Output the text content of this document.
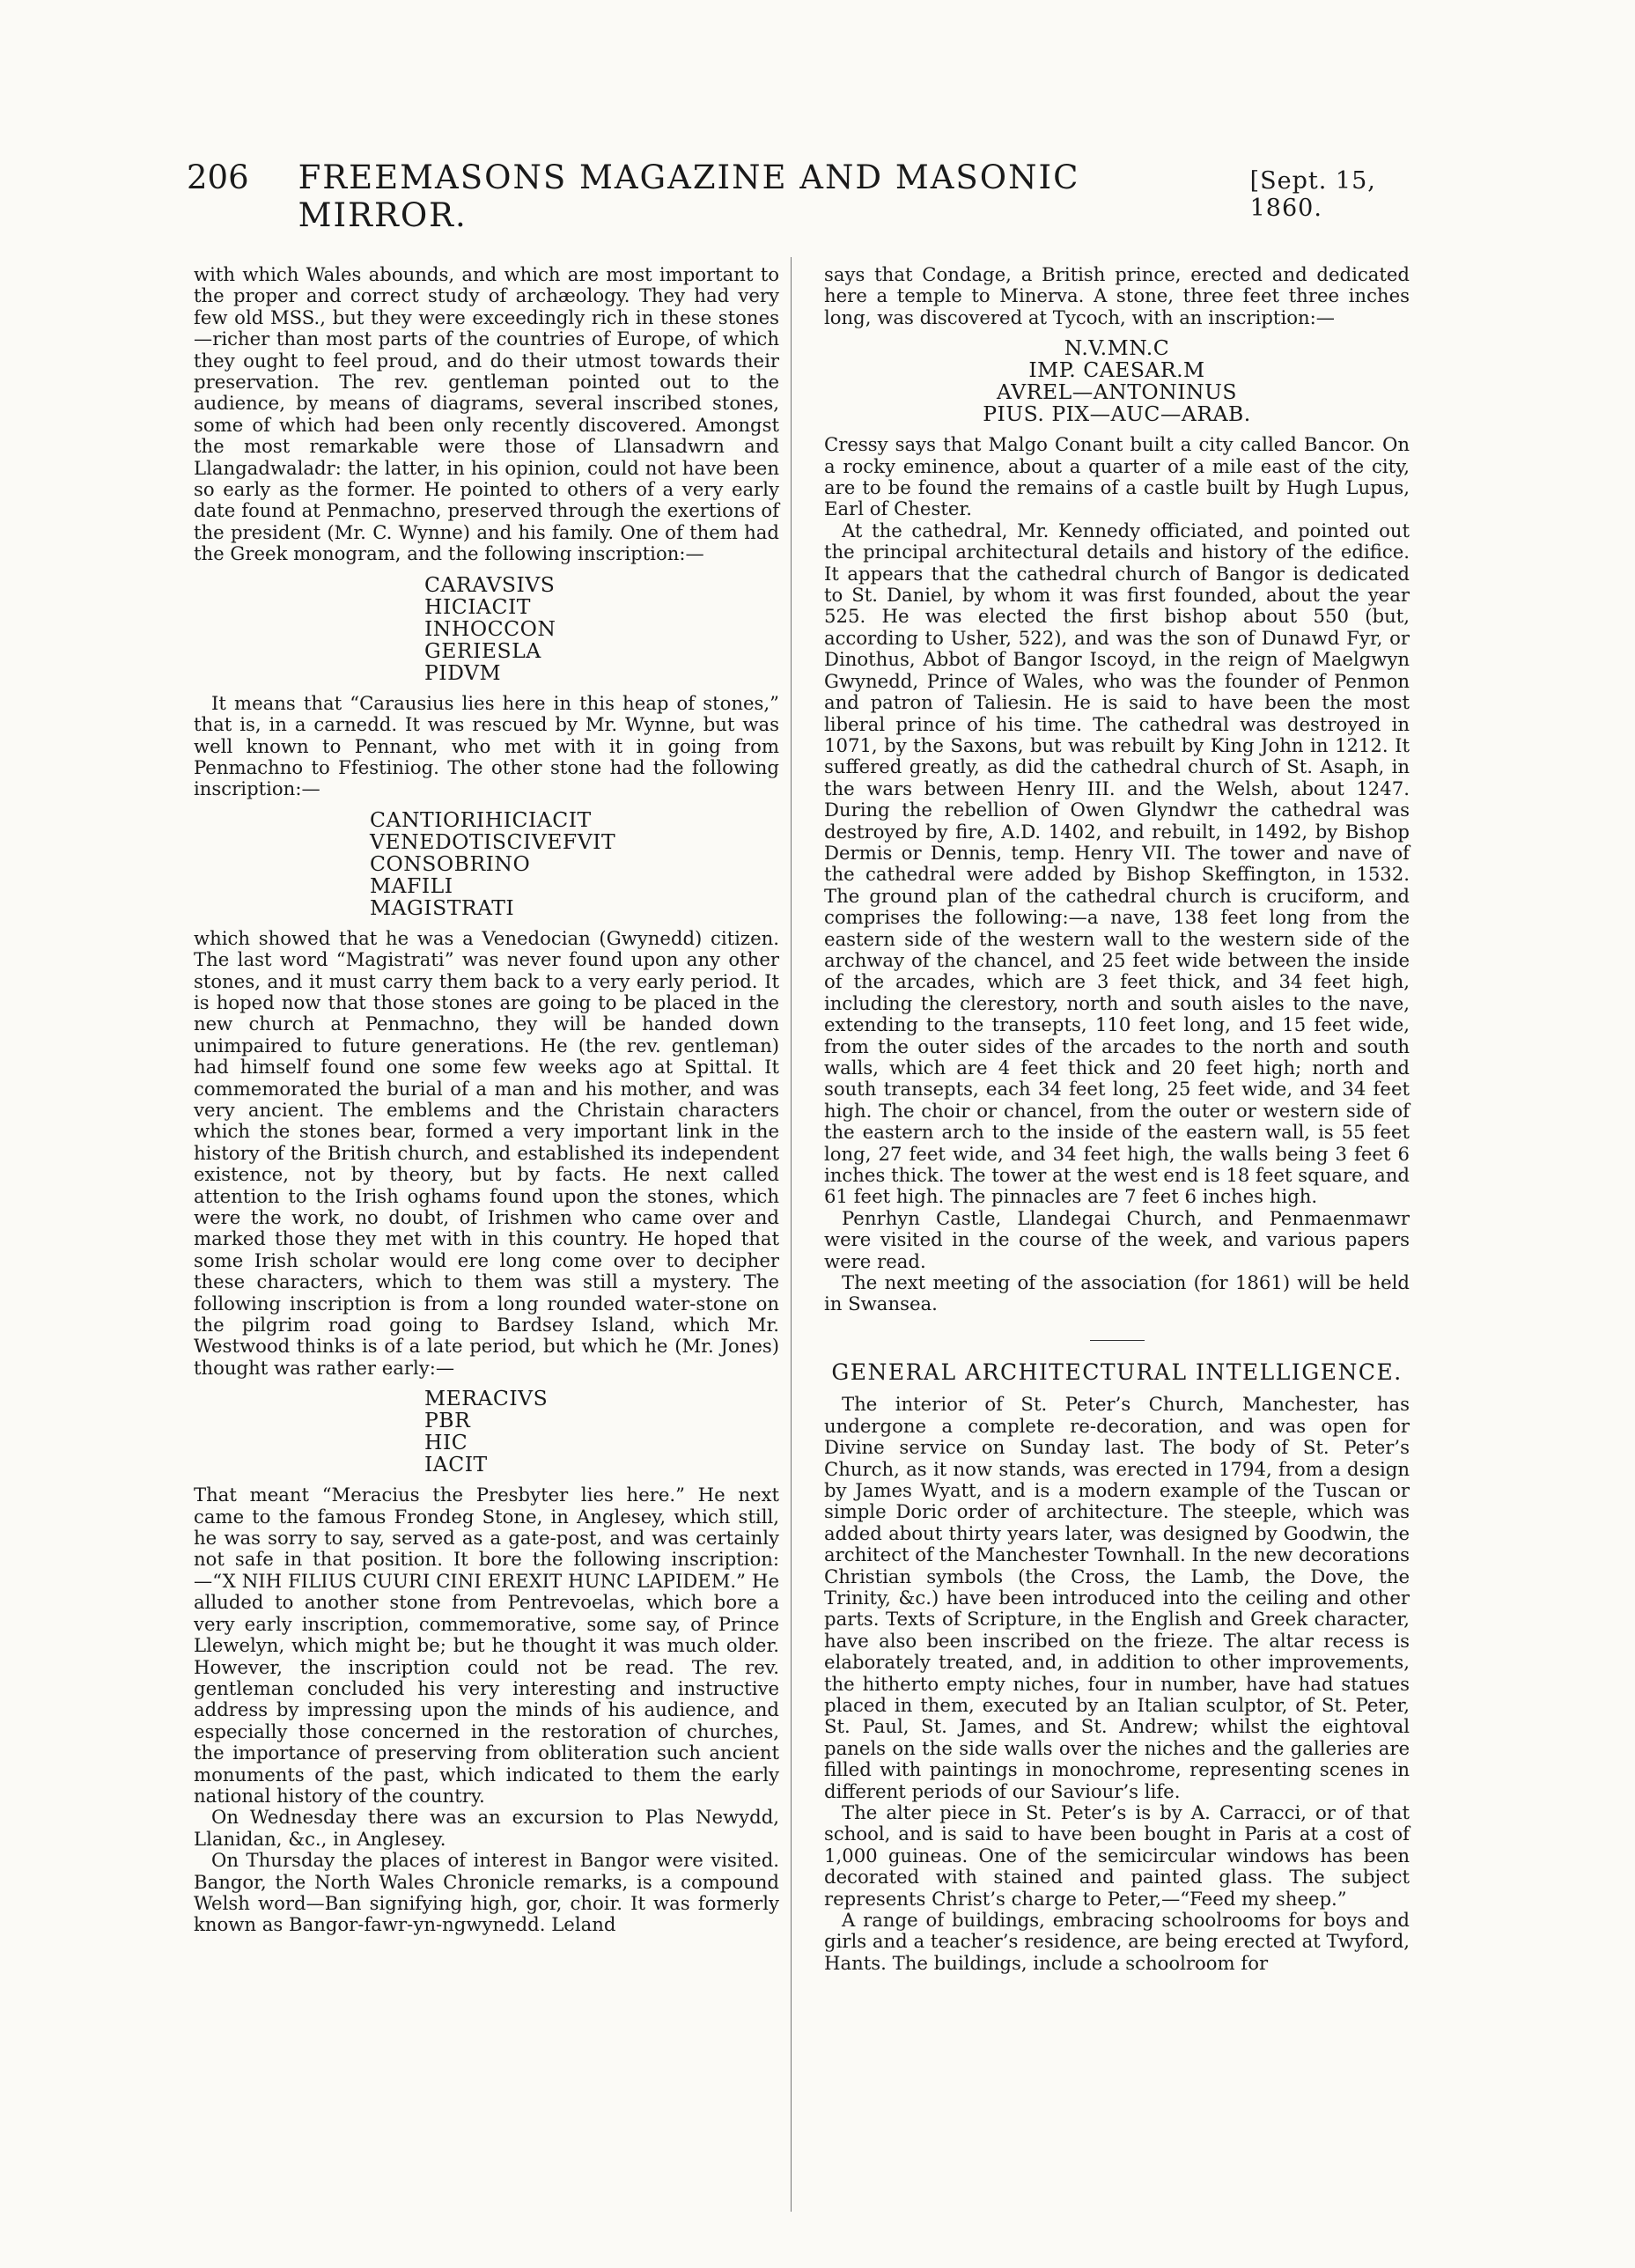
206 FREEMASONS MAGAZINE AND MASONIC MIRROR.
[Sept. 15, 1860.

with which Wales abounds, and which are most important to the proper and correct study of archæology. They had very few old MSS., but they were exceedingly rich in these stones—richer than most parts of the countries of Europe, of which they ought to feel proud, and do their utmost towards their preservation. The rev. gentleman pointed out to the audience, by means of diagrams, several inscribed stones, some of which had been only recently discovered. Amongst the most remarkable were those of Llansadwrn and Llangadwaladr: the latter, in his opinion, could not have been so early as the former. He pointed to others of a very early date found at Penmachno, preserved through the exertions of the president (Mr. C. Wynne) and his family. One of them had the Greek monogram, and the following inscription:—

CARAVSIVS
HICIACIT
INHOCCON
GERIESLA
PIDVM

It means that “Carausius lies here in this heap of stones,” that is, in a carnedd. It was rescued by Mr. Wynne, but was well known to Pennant, who met with it in going from Penmachno to Ffestiniog. The other stone had the following inscription:—

CANTIORIHICIACIT
VENEDOTISCIVEFVIT
CONSOBRINO
MAFILI
MAGISTRATI

which showed that he was a Venedocian (Gwynedd) citizen. The last word “Magistrati” was never found upon any other stones, and it must carry them back to a very early period. It is hoped now that those stones are going to be placed in the new church at Penmachno, they will be handed down unimpaired to future generations. He (the rev. gentleman) had himself found one some few weeks ago at Spittal. It commemorated the burial of a man and his mother, and was very ancient. The emblems and the Christain characters which the stones bear, formed a very important link in the history of the British church, and established its independent existence, not by theory, but by facts. He next called attention to the Irish oghams found upon the stones, which were the work, no doubt, of Irishmen who came over and marked those they met with in this country. He hoped that some Irish scholar would ere long come over to decipher these characters, which to them was still a mystery. The following inscription is from a long rounded water-stone on the pilgrim road going to Bardsey Island, which Mr. Westwood thinks is of a late period, but which he (Mr. Jones) thought was rather early:—

MERACIVS
PBR
HIC
IACIT

That meant “Meracius the Presbyter lies here.” He next came to the famous Frondeg Stone, in Anglesey, which still, he was sorry to say, served as a gate-post, and was certainly not safe in that position. It bore the following inscription:—“X NIH FILIUS CUURI CINI EREXIT HUNC LAPIDEM.” He alluded to another stone from Pentrevoelas, which bore a very early inscription, commemorative, some say, of Prince Llewelyn, which might be; but he thought it was much older. However, the inscription could not be read. The rev. gentleman concluded his very interesting and instructive address by impressing upon the minds of his audience, and especially those concerned in the restoration of churches, the importance of preserving from obliteration such ancient monuments of the past, which indicated to them the early national history of the country.

On Wednesday there was an excursion to Plas Newydd, Llanidan, &c., in Anglesey.

On Thursday the places of interest in Bangor were visited. Bangor, the North Wales Chronicle remarks, is a compound Welsh word—Ban signifying high, gor, choir. It was formerly known as Bangor-fawr-yn-ngwynedd. Leland

says that Condage, a British prince, erected and dedicated here a temple to Minerva. A stone, three feet three inches long, was discovered at Tycoch, with an inscription:—

N.V.MN.C
IMP. CAESAR.M
AVREL—ANTONINUS
PIUS. PIX—AUC—ARAB.

Cressy says that Malgo Conant built a city called Bancor. On a rocky eminence, about a quarter of a mile east of the city, are to be found the remains of a castle built by Hugh Lupus, Earl of Chester.

At the cathedral, Mr. Kennedy officiated, and pointed out the principal architectural details and history of the edifice. It appears that the cathedral church of Bangor is dedicated to St. Daniel, by whom it was first founded, about the year 525. He was elected the first bishop about 550 (but, according to Usher, 522), and was the son of Dunawd Fyr, or Dinothus, Abbot of Bangor Iscoyd, in the reign of Maelgwyn Gwynedd, Prince of Wales, who was the founder of Penmon and patron of Taliesin. He is said to have been the most liberal prince of his time. The cathedral was destroyed in 1071, by the Saxons, but was rebuilt by King John in 1212. It suffered greatly, as did the cathedral church of St. Asaph, in the wars between Henry III. and the Welsh, about 1247. During the rebellion of Owen Glyndwr the cathedral was destroyed by fire, A.D. 1402, and rebuilt, in 1492, by Bishop Dermis or Dennis, temp. Henry VII. The tower and nave of the cathedral were added by Bishop Skeffington, in 1532. The ground plan of the cathedral church is cruciform, and comprises the following:—a nave, 138 feet long from the eastern side of the western wall to the western side of the archway of the chancel, and 25 feet wide between the inside of the arcades, which are 3 feet thick, and 34 feet high, including the clerestory, north and south aisles to the nave, extending to the transepts, 110 feet long, and 15 feet wide, from the outer sides of the arcades to the north and south walls, which are 4 feet thick and 20 feet high; north and south transepts, each 34 feet long, 25 feet wide, and 34 feet high. The choir or chancel, from the outer or western side of the eastern arch to the inside of the eastern wall, is 55 feet long, 27 feet wide, and 34 feet high, the walls being 3 feet 6 inches thick. The tower at the west end is 18 feet square, and 61 feet high. The pinnacles are 7 feet 6 inches high.

Penrhyn Castle, Llandegai Church, and Penmaenmawr were visited in the course of the week, and various papers were read.

The next meeting of the association (for 1861) will be held in Swansea.

GENERAL ARCHITECTURAL INTELLIGENCE.

The interior of St. Peter’s Church, Manchester, has undergone a complete re-decoration, and was open for Divine service on Sunday last. The body of St. Peter’s Church, as it now stands, was erected in 1794, from a design by James Wyatt, and is a modern example of the Tuscan or simple Doric order of architecture. The steeple, which was added about thirty years later, was designed by Goodwin, the architect of the Manchester Townhall. In the new decorations Christian symbols (the Cross, the Lamb, the Dove, the Trinity, &c.) have been introduced into the ceiling and other parts. Texts of Scripture, in the English and Greek character, have also been inscribed on the frieze. The altar recess is elaborately treated, and, in addition to other improvements, the hitherto empty niches, four in number, have had statues placed in them, executed by an Italian sculptor, of St. Peter, St. Paul, St. James, and St. Andrew; whilst the eightoval panels on the side walls over the niches and the galleries are filled with paintings in monochrome, representing scenes in different periods of our Saviour’s life.

The alter piece in St. Peter’s is by A. Carracci, or of that school, and is said to have been bought in Paris at a cost of 1,000 guineas. One of the semicircular windows has been decorated with stained and painted glass. The subject represents Christ’s charge to Peter,—“Feed my sheep.”

A range of buildings, embracing schoolrooms for boys and girls and a teacher’s residence, are being erected at Twyford, Hants. The buildings, include a schoolroom for
